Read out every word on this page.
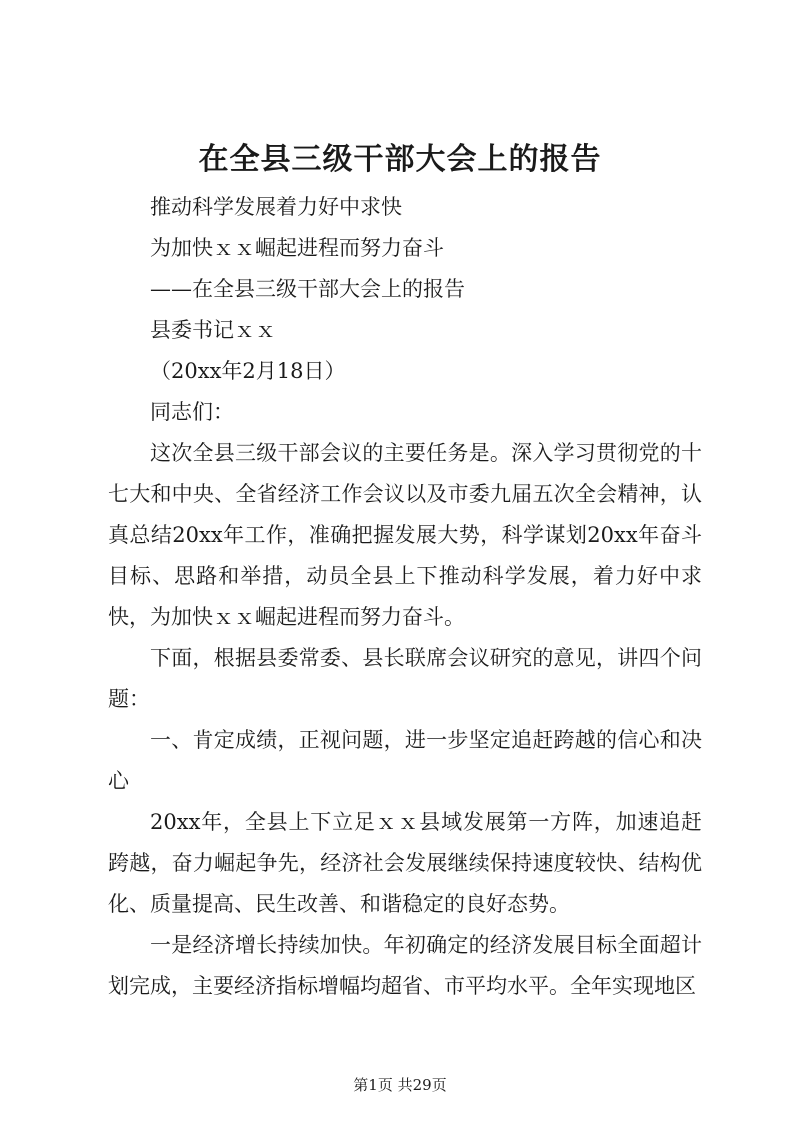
在全县三级干部大会上的报告

推动科学发展着力好中求快

为加快ｘｘ崛起进程而努力奋斗

——在全县三级干部大会上的报告

县委书记ｘｘ

（20xx年2月18日）

同志们：

这次全县三级干部会议的主要任务是。深入学习贯彻党的十七大和中央、全省经济工作会议以及市委九届五次全会精神，认真总结20xx年工作，准确把握发展大势，科学谋划20xx年奋斗目标、思路和举措，动员全县上下推动科学发展，着力好中求快，为加快ｘｘ崛起进程而努力奋斗。

下面，根据县委常委、县长联席会议研究的意见，讲四个问题：

一、肯定成绩，正视问题，进一步坚定追赶跨越的信心和决心

20xx年，全县上下立足ｘｘ县域发展第一方阵，加速追赶跨越，奋力崛起争先，经济社会发展继续保持速度较快、结构优化、质量提高、民生改善、和谐稳定的良好态势。

一是经济增长持续加快。年初确定的经济发展目标全面超计划完成，主要经济指标增幅均超省、市平均水平。全年实现地区

第1页 共29页
